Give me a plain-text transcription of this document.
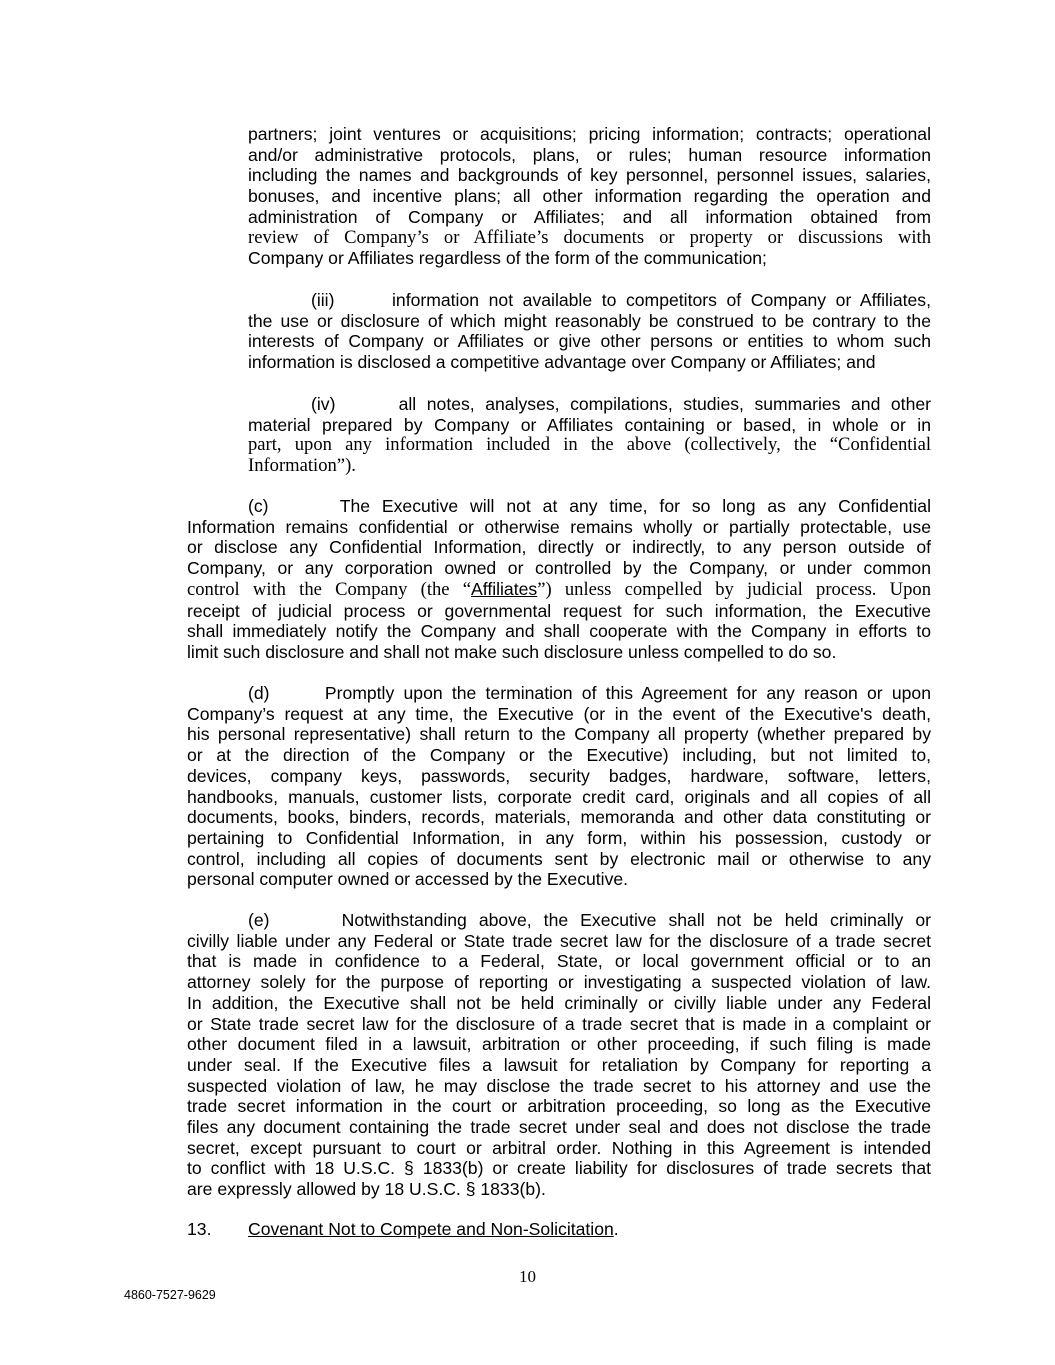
partners; joint ventures or acquisitions; pricing information; contracts; operational
and/or administrative protocols, plans, or rules; human resource information
including the names and backgrounds of key personnel, personnel issues, salaries,
bonuses, and incentive plans; all other information regarding the operation and
administration of Company or Affiliates; and all information obtained from
review of Company’s or Affiliate’s documents or property or discussions with
Company or Affiliates regardless of the form of the communication;
(iii)      information not available to competitors of Company or Affiliates,
the use or disclosure of which might reasonably be construed to be contrary to the
interests of Company or Affiliates or give other persons or entities to whom such
information is disclosed a competitive advantage over Company or Affiliates; and
(iv)      all notes, analyses, compilations, studies, summaries and other
material prepared by Company or Affiliates containing or based, in whole or in
part, upon any information included in the above (collectively, the “Confidential
Information”).
(c)      The Executive will not at any time, for so long as any Confidential
Information remains confidential or otherwise remains wholly or partially protectable, use
or disclose any Confidential Information, directly or indirectly, to any person outside of
Company, or any corporation owned or controlled by the Company, or under common
control with the Company (the “Affiliates”) unless compelled by judicial process. Upon
receipt of judicial process or governmental request for such information, the Executive
shall immediately notify the Company and shall cooperate with the Company in efforts to
limit such disclosure and shall not make such disclosure unless compelled to do so.
(d)      Promptly upon the termination of this Agreement for any reason or upon
Company’s request at any time, the Executive (or in the event of the Executive's death,
his personal representative) shall return to the Company all property (whether prepared by
or at the direction of the Company or the Executive) including, but not limited to,
devices, company keys, passwords, security badges, hardware, software, letters,
handbooks, manuals, customer lists, corporate credit card, originals and all copies of all
documents, books, binders, records, materials, memoranda and other data constituting or
pertaining to Confidential Information, in any form, within his possession, custody or
control, including all copies of documents sent by electronic mail or otherwise to any
personal computer owned or accessed by the Executive.
(e)      Notwithstanding above, the Executive shall not be held criminally or
civilly liable under any Federal or State trade secret law for the disclosure of a trade secret
that is made in confidence to a Federal, State, or local government official or to an
attorney solely for the purpose of reporting or investigating a suspected violation of law.
In addition, the Executive shall not be held criminally or civilly liable under any Federal
or State trade secret law for the disclosure of a trade secret that is made in a complaint or
other document filed in a lawsuit, arbitration or other proceeding, if such filing is made
under seal. If the Executive files a lawsuit for retaliation by Company for reporting a
suspected violation of law, he may disclose the trade secret to his attorney and use the
trade secret information in the court or arbitration proceeding, so long as the Executive
files any document containing the trade secret under seal and does not disclose the trade
secret, except pursuant to court or arbitral order. Nothing in this Agreement is intended
to conflict with 18 U.S.C. § 1833(b) or create liability for disclosures of trade secrets that
are expressly allowed by 18 U.S.C. § 1833(b).
13. Covenant Not to Compete and Non-Solicitation.
10
4860-7527-9629
